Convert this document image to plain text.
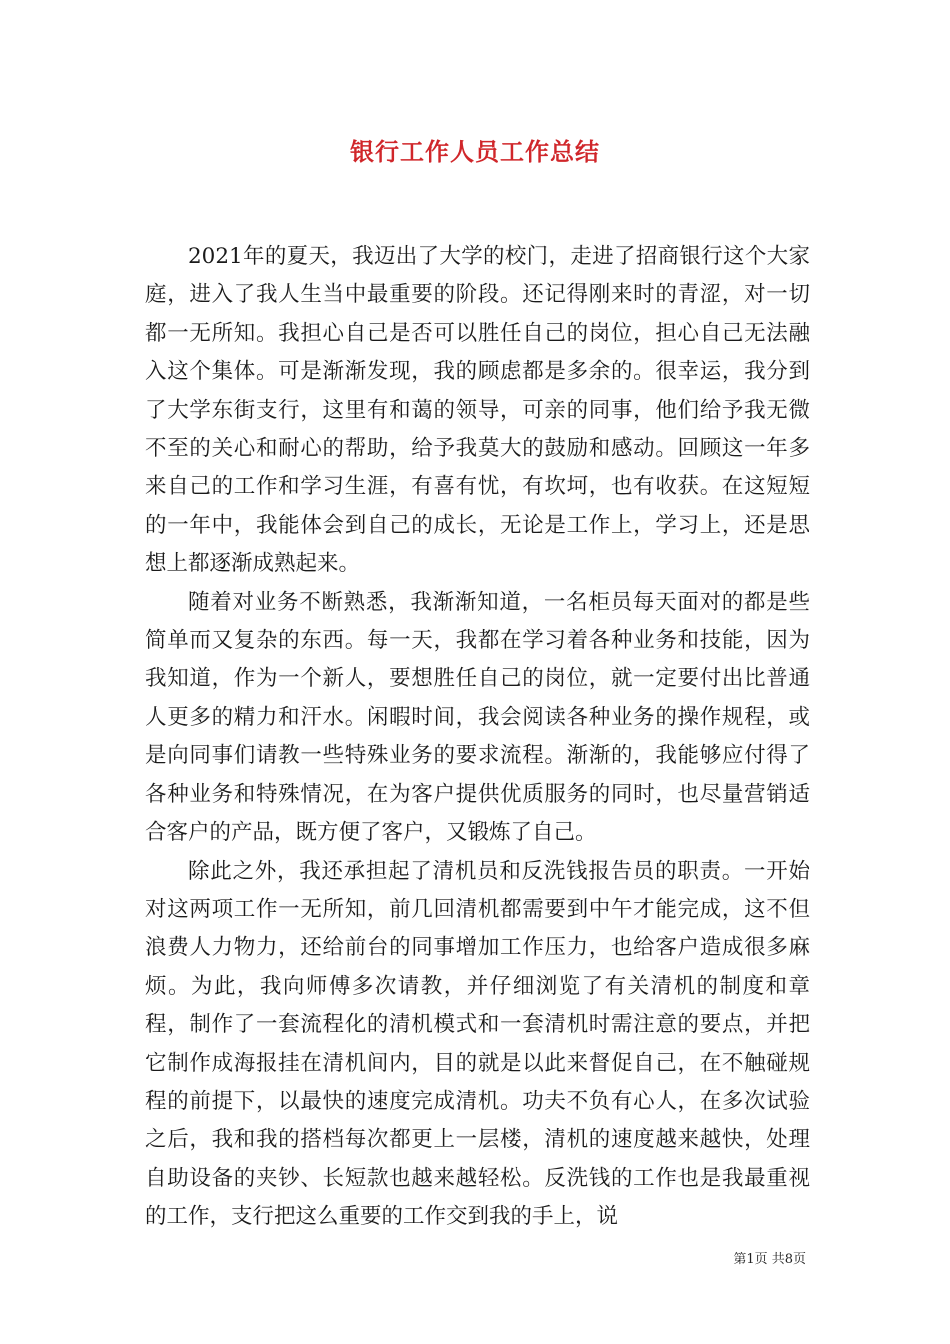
银行工作人员工作总结

2021年的夏天，我迈出了大学的校门，走进了招商银行这个大家庭，进入了我人生当中最重要的阶段。还记得刚来时的青涩，对一切都一无所知。我担心自己是否可以胜任自己的岗位，担心自己无法融入这个集体。可是渐渐发现，我的顾虑都是多余的。很幸运，我分到了大学东街支行，这里有和蔼的领导，可亲的同事，他们给予我无微不至的关心和耐心的帮助，给予我莫大的鼓励和感动。回顾这一年多来自己的工作和学习生涯，有喜有忧，有坎坷，也有收获。在这短短的一年中，我能体会到自己的成长，无论是工作上，学习上，还是思想上都逐渐成熟起来。

随着对业务不断熟悉，我渐渐知道，一名柜员每天面对的都是些简单而又复杂的东西。每一天，我都在学习着各种业务和技能，因为我知道，作为一个新人，要想胜任自己的岗位，就一定要付出比普通人更多的精力和汗水。闲暇时间，我会阅读各种业务的操作规程，或是向同事们请教一些特殊业务的要求流程。渐渐的，我能够应付得了各种业务和特殊情况，在为客户提供优质服务的同时，也尽量营销适合客户的产品，既方便了客户，又锻炼了自己。

除此之外，我还承担起了清机员和反洗钱报告员的职责。一开始对这两项工作一无所知，前几回清机都需要到中午才能完成，这不但浪费人力物力，还给前台的同事增加工作压力，也给客户造成很多麻烦。为此，我向师傅多次请教，并仔细浏览了有关清机的制度和章程，制作了一套流程化的清机模式和一套清机时需注意的要点，并把它制作成海报挂在清机间内，目的就是以此来督促自己，在不触碰规程的前提下，以最快的速度完成清机。功夫不负有心人，在多次试验之后，我和我的搭档每次都更上一层楼，清机的速度越来越快，处理自助设备的夹钞、长短款也越来越轻松。反洗钱的工作也是我最重视的工作，支行把这么重要的工作交到我的手上，说

第1页 共8页
